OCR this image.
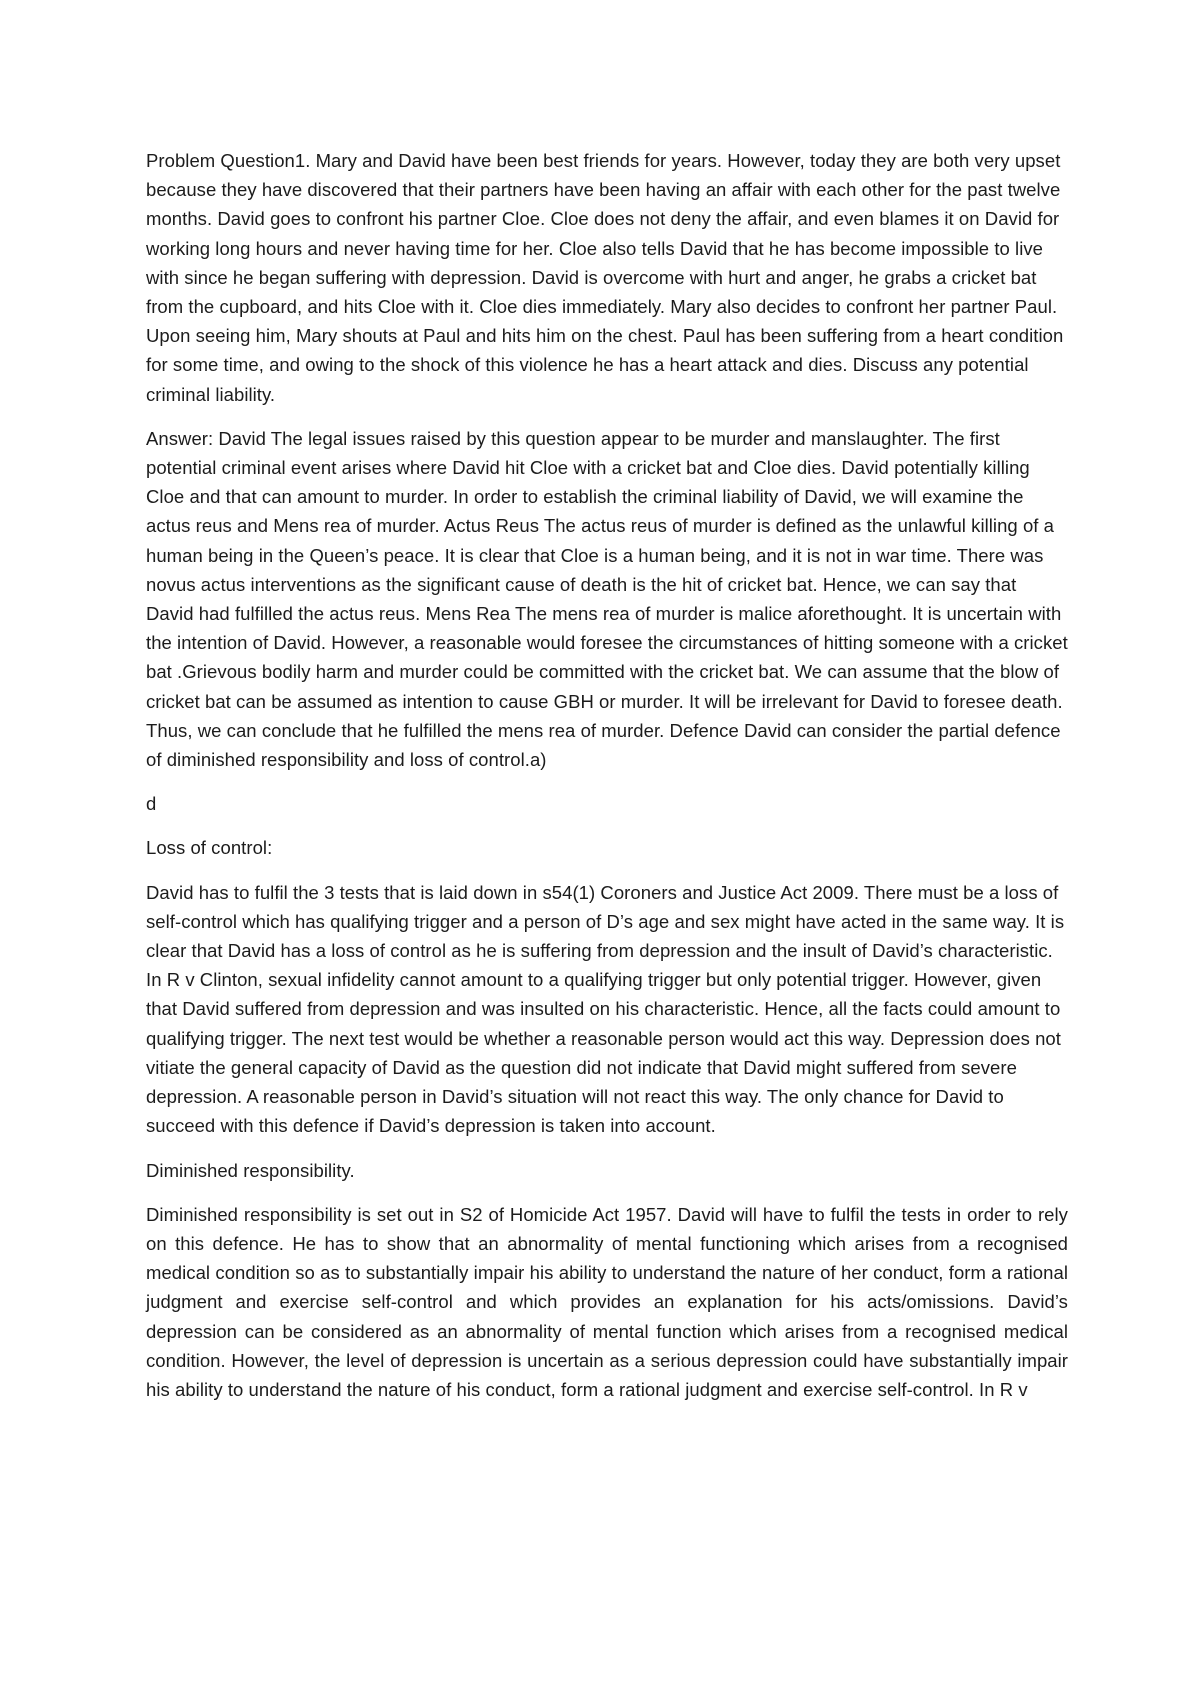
Problem Question1. Mary and David have been best friends for years. However, today they are both very upset because they have discovered that their partners have been having an affair with each other for the past twelve months. David goes to confront his partner Cloe. Cloe does not deny the affair, and even blames it on David for working long hours and never having time for her. Cloe also tells David that he has become impossible to live with since he began suffering with depression. David is overcome with hurt and anger, he grabs a cricket bat from the cupboard, and hits Cloe with it. Cloe dies immediately. Mary also decides to confront her partner Paul. Upon seeing him, Mary shouts at Paul and hits him on the chest. Paul has been suffering from a heart condition for some time, and owing to the shock of this violence he has a heart attack and dies. Discuss any potential criminal liability.

Answer: David The legal issues raised by this question appear to be murder and manslaughter. The first potential criminal event arises where David hit Cloe with a cricket bat and Cloe dies. David potentially killing Cloe and that can amount to murder. In order to establish the criminal liability of David, we will examine the actus reus and Mens rea of murder. Actus Reus The actus reus of murder is defined as the unlawful killing of a human being in the Queen’s peace. It is clear that Cloe is a human being, and it is not in war time. There was novus actus interventions as the significant cause of death is the hit of cricket bat. Hence, we can say that David had fulfilled the actus reus. Mens Rea The mens rea of murder is malice aforethought. It is uncertain with the intention of David. However, a reasonable would foresee the circumstances of hitting someone with a cricket bat .Grievous bodily harm and murder could be committed with the cricket bat. We can assume that the blow of cricket bat can be assumed as intention to cause GBH or murder. It will be irrelevant for David to foresee death. Thus, we can conclude that he fulfilled the mens rea of murder. Defence David can consider the partial defence of diminished responsibility and loss of control.a)

d

Loss of control:

David has to fulfil the 3 tests that is laid down in s54(1) Coroners and Justice Act 2009. There must be a loss of self-control which has qualifying trigger and a person of D’s age and sex might have acted in the same way. It is clear that David has a loss of control as he is suffering from depression and the insult of David’s characteristic. In R v Clinton, sexual infidelity cannot amount to a qualifying trigger but only potential trigger. However, given that David suffered from depression and was insulted on his characteristic. Hence, all the facts could amount to qualifying trigger. The next test would be whether a reasonable person would act this way. Depression does not vitiate the general capacity of David as the question did not indicate that David might suffered from severe depression. A reasonable person in David’s situation will not react this way. The only chance for David to succeed with this defence if David’s depression is taken into account.

Diminished responsibility.

Diminished responsibility is set out in S2 of Homicide Act 1957. David will have to fulfil the tests in order to rely on this defence. He has to show that an abnormality of mental functioning which arises from a recognised medical condition so as to substantially impair his ability to understand the nature of her conduct, form a rational judgment and exercise self-control and which provides an explanation for his acts/omissions. David’s depression can be considered as an abnormality of mental function which arises from a recognised medical condition. However, the level of depression is uncertain as a serious depression could have substantially impair his ability to understand the nature of his conduct, form a rational judgment and exercise self-control. In R v
